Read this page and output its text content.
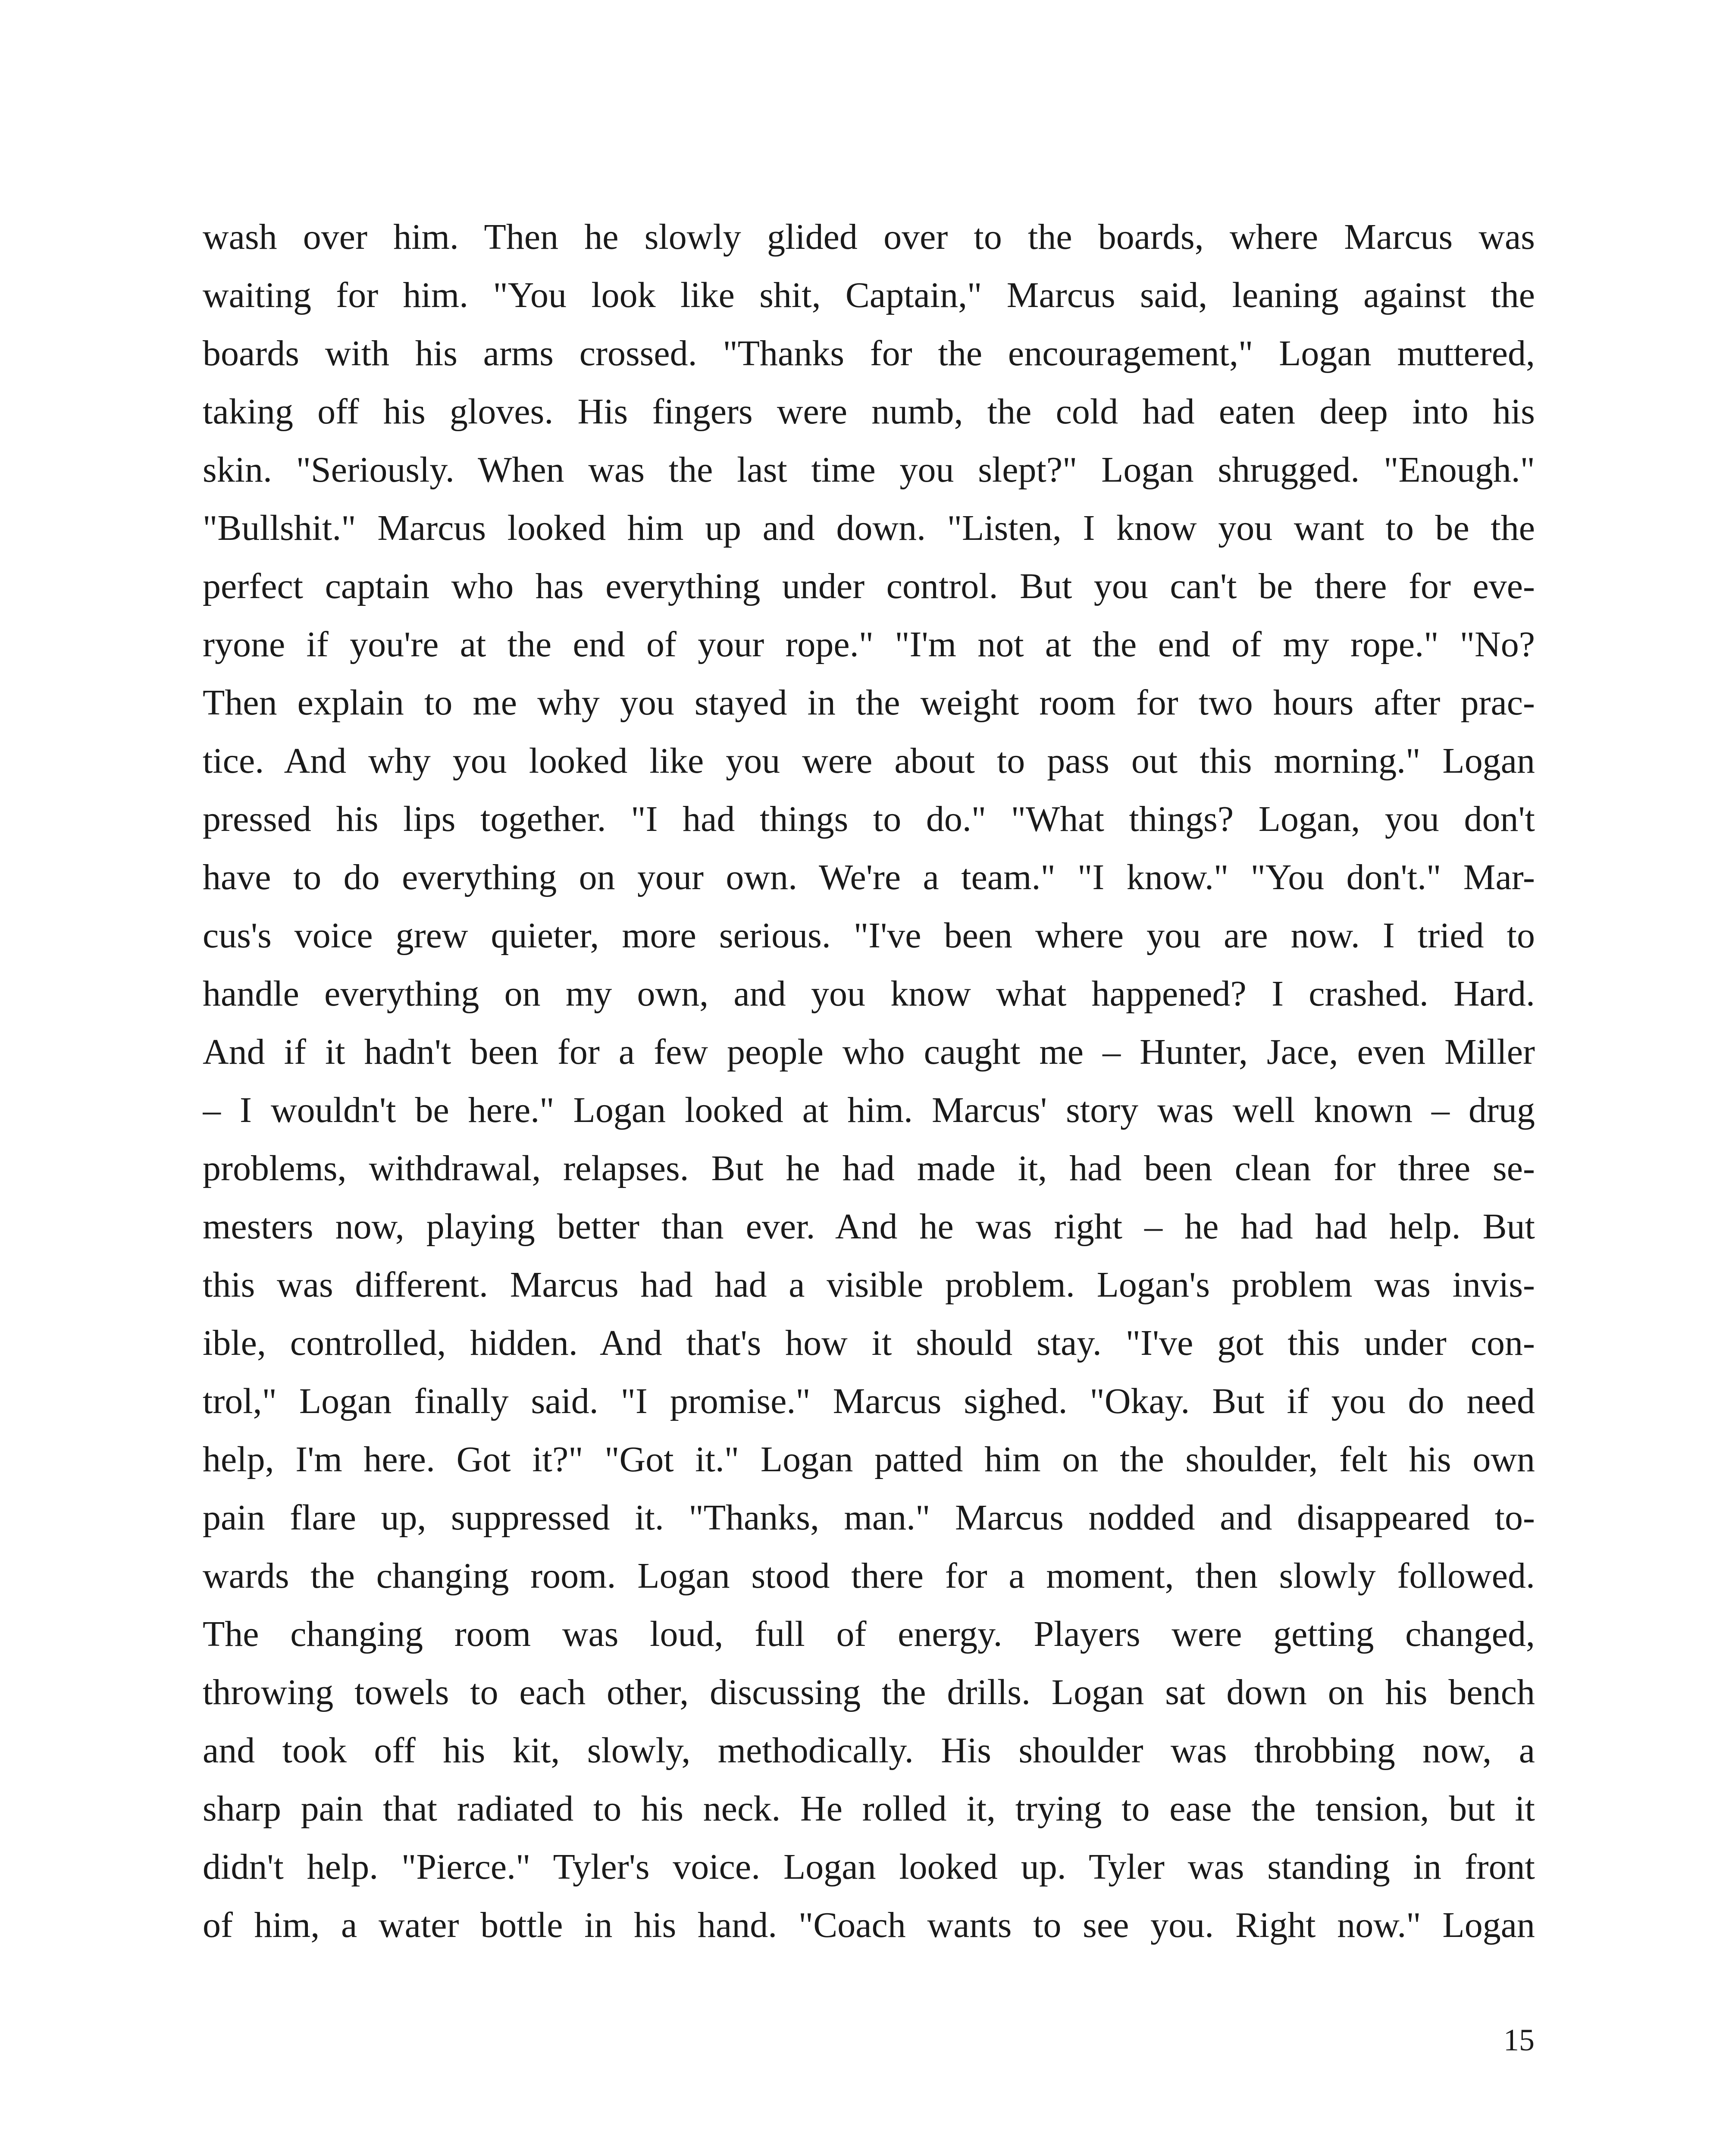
wash over him. Then he slowly glided over to the boards, where Marcus was
waiting for him. "You look like shit, Captain," Marcus said, leaning against the
boards with his arms crossed. "Thanks for the encouragement," Logan muttered,
taking off his gloves. His fingers were numb, the cold had eaten deep into his
skin. "Seriously. When was the last time you slept?" Logan shrugged. "Enough."
"Bullshit." Marcus looked him up and down. "Listen, I know you want to be the
perfect captain who has everything under control. But you can't be there for eve-
ryone if you're at the end of your rope." "I'm not at the end of my rope." "No?
Then explain to me why you stayed in the weight room for two hours after prac-
tice. And why you looked like you were about to pass out this morning." Logan
pressed his lips together. "I had things to do." "What things? Logan, you don't
have to do everything on your own. We're a team." "I know." "You don't." Mar-
cus's voice grew quieter, more serious. "I've been where you are now. I tried to
handle everything on my own, and you know what happened? I crashed. Hard.
And if it hadn't been for a few people who caught me – Hunter, Jace, even Miller
– I wouldn't be here." Logan looked at him. Marcus' story was well known – drug
problems, withdrawal, relapses. But he had made it, had been clean for three se-
mesters now, playing better than ever. And he was right – he had had help. But
this was different. Marcus had had a visible problem. Logan's problem was invis-
ible, controlled, hidden. And that's how it should stay. "I've got this under con-
trol," Logan finally said. "I promise." Marcus sighed. "Okay. But if you do need
help, I'm here. Got it?" "Got it." Logan patted him on the shoulder, felt his own
pain flare up, suppressed it. "Thanks, man." Marcus nodded and disappeared to-
wards the changing room. Logan stood there for a moment, then slowly followed.
The changing room was loud, full of energy. Players were getting changed,
throwing towels to each other, discussing the drills. Logan sat down on his bench
and took off his kit, slowly, methodically. His shoulder was throbbing now, a
sharp pain that radiated to his neck. He rolled it, trying to ease the tension, but it
didn't help. "Pierce." Tyler's voice. Logan looked up. Tyler was standing in front
of him, a water bottle in his hand. "Coach wants to see you. Right now." Logan
15
